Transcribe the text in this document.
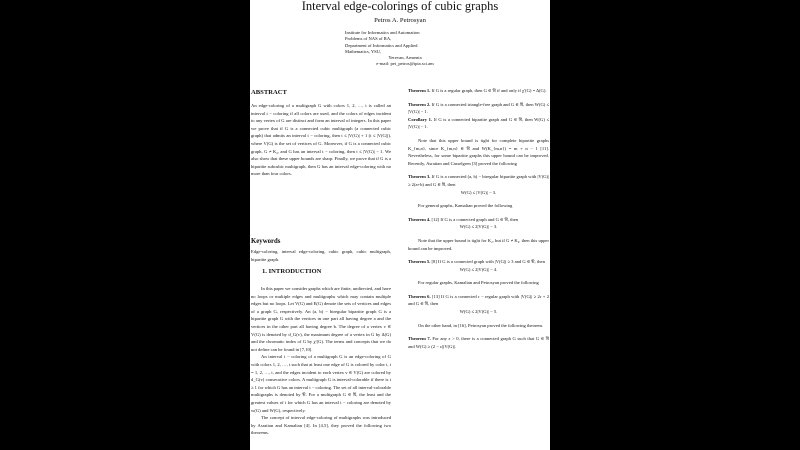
Interval edge-colorings of cubic graphs
Petros A. Petrosyan
Institute for Informatics and Automation
Problems of NAS of RA,
Department of Informatics and Applied
Mathematics, YSU,
Yerevan, Armenia
e-mail: pet_petros@ipia.sci.am
ABSTRACT

An edge-coloring of a multigraph G with colors 1, 2, …, t is called an interval t − coloring if all colors are used, and the colors of edges incident to any vertex of G are distinct and form an interval of integers. In this paper we prove that if G is a connected cubic multigraph (a connected cubic graph) that admits an interval t − coloring, then t ≤ |V(G)| + 1 (t ≤ |V(G)|), where V(G) is the set of vertices of G. Moreover, if G is a connected cubic graph, G ≠ K₄, and G has an interval t − coloring, then t ≤ |V(G)| − 1. We also show that these upper bounds are sharp. Finally, we prove that if G is a bipartite subcubic multigraph, then G has an interval edge-coloring with no more than four colors.

Keywords

Edge-coloring, interval edge-coloring, cubic graph, cubic multigraph, bipartite graph.

1. INTRODUCTION

In this paper we consider graphs which are finite, undirected, and have no loops or multiple edges and multigraphs which may contain multiple edges but no loops. Let V(G) and E(G) denote the sets of vertices and edges of a graph G, respectively. An (a, b) − biregular bipartite graph G is a bipartite graph G with the vertices in one part all having degree a and the vertices in the other part all having degree b. The degree of a vertex v ∈ V(G) is denoted by d_G(v), the maximum degree of a vertex in G by Δ(G) and the chromatic index of G by χ′(G). The terms and concepts that we do not define can be found in [7,10].

An interval t − coloring of a multigraph G is an edge-coloring of G with colors 1, 2, …, t such that at least one edge of G is colored by color i, i = 1, 2, …, t, and the edges incident to each vertex v ∈ V(G) are colored by d_G(v) consecutive colors. A multigraph G is interval-colorable if there is t ≥ 1 for which G has an interval t − coloring. The set of all interval-colorable multigraphs is denoted by 𝔑. For a multigraph G ∈ 𝔑, the least and the greatest values of t for which G has an interval t − coloring are denoted by w(G) and W(G), respectively.

The concept of interval edge-coloring of multigraphs was introduced by Asratian and Kamalian [4]. In [4,5], they proved the following two theorems.

Theorem 1. If G is a regular graph, then G ∈ 𝔑 if and only if χ′(G) = Δ(G).

Theorem 2. If G is a connected triangle-free graph and G ∈ 𝔑, then W(G) ≤ |V(G)| − 1.

Corollary 1. If G is a connected bipartite graph and G ∈ 𝔑, then W(G) ≤ |V(G)| − 1.

Note that this upper bound is tight for complete bipartite graphs K_{m,n}, since K_{m,n} ∈ 𝔑 and W(K_{m,n}) = m + n − 1 [11]. Nevertheless, for some bipartite graphs this upper bound can be improved. Recently, Asratian and Casselgren [3] proved the following

Theorem 3. If G is a connected (a, b) − biregular bipartite graph with |V(G)| ≥ 2(a+b) and G ∈ 𝔑, then

W(G) ≤ |V(G)| − 3.

For general graphs, Kamalian proved the following

Theorem 4. [12] If G is a connected graph and G ∈ 𝔑, then

W(G) ≤ 2|V(G)| − 3.

Note that the upper bound is tight for K₂, but if G ≠ K₂, then this upper bound can be improved.

Theorem 5. [8] If G is a connected graph with |V(G)| ≥ 3 and G ∈ 𝔑, then

W(G) ≤ 2|V(G)| − 4.

For regular graphs, Kamalian and Petrosyan proved the following

Theorem 6. [13] If G is a connected r − regular graph with |V(G)| ≥ 2r + 2 and G ∈ 𝔑, then

W(G) ≤ 2|V(G)| − 5.

On the other hand, in [16], Petrosyan proved the following theorem.

Theorem 7. For any ε > 0, there is a connected graph G such that G ∈ 𝔑 and W(G) ≥ (2 − ε)|V(G)|.
